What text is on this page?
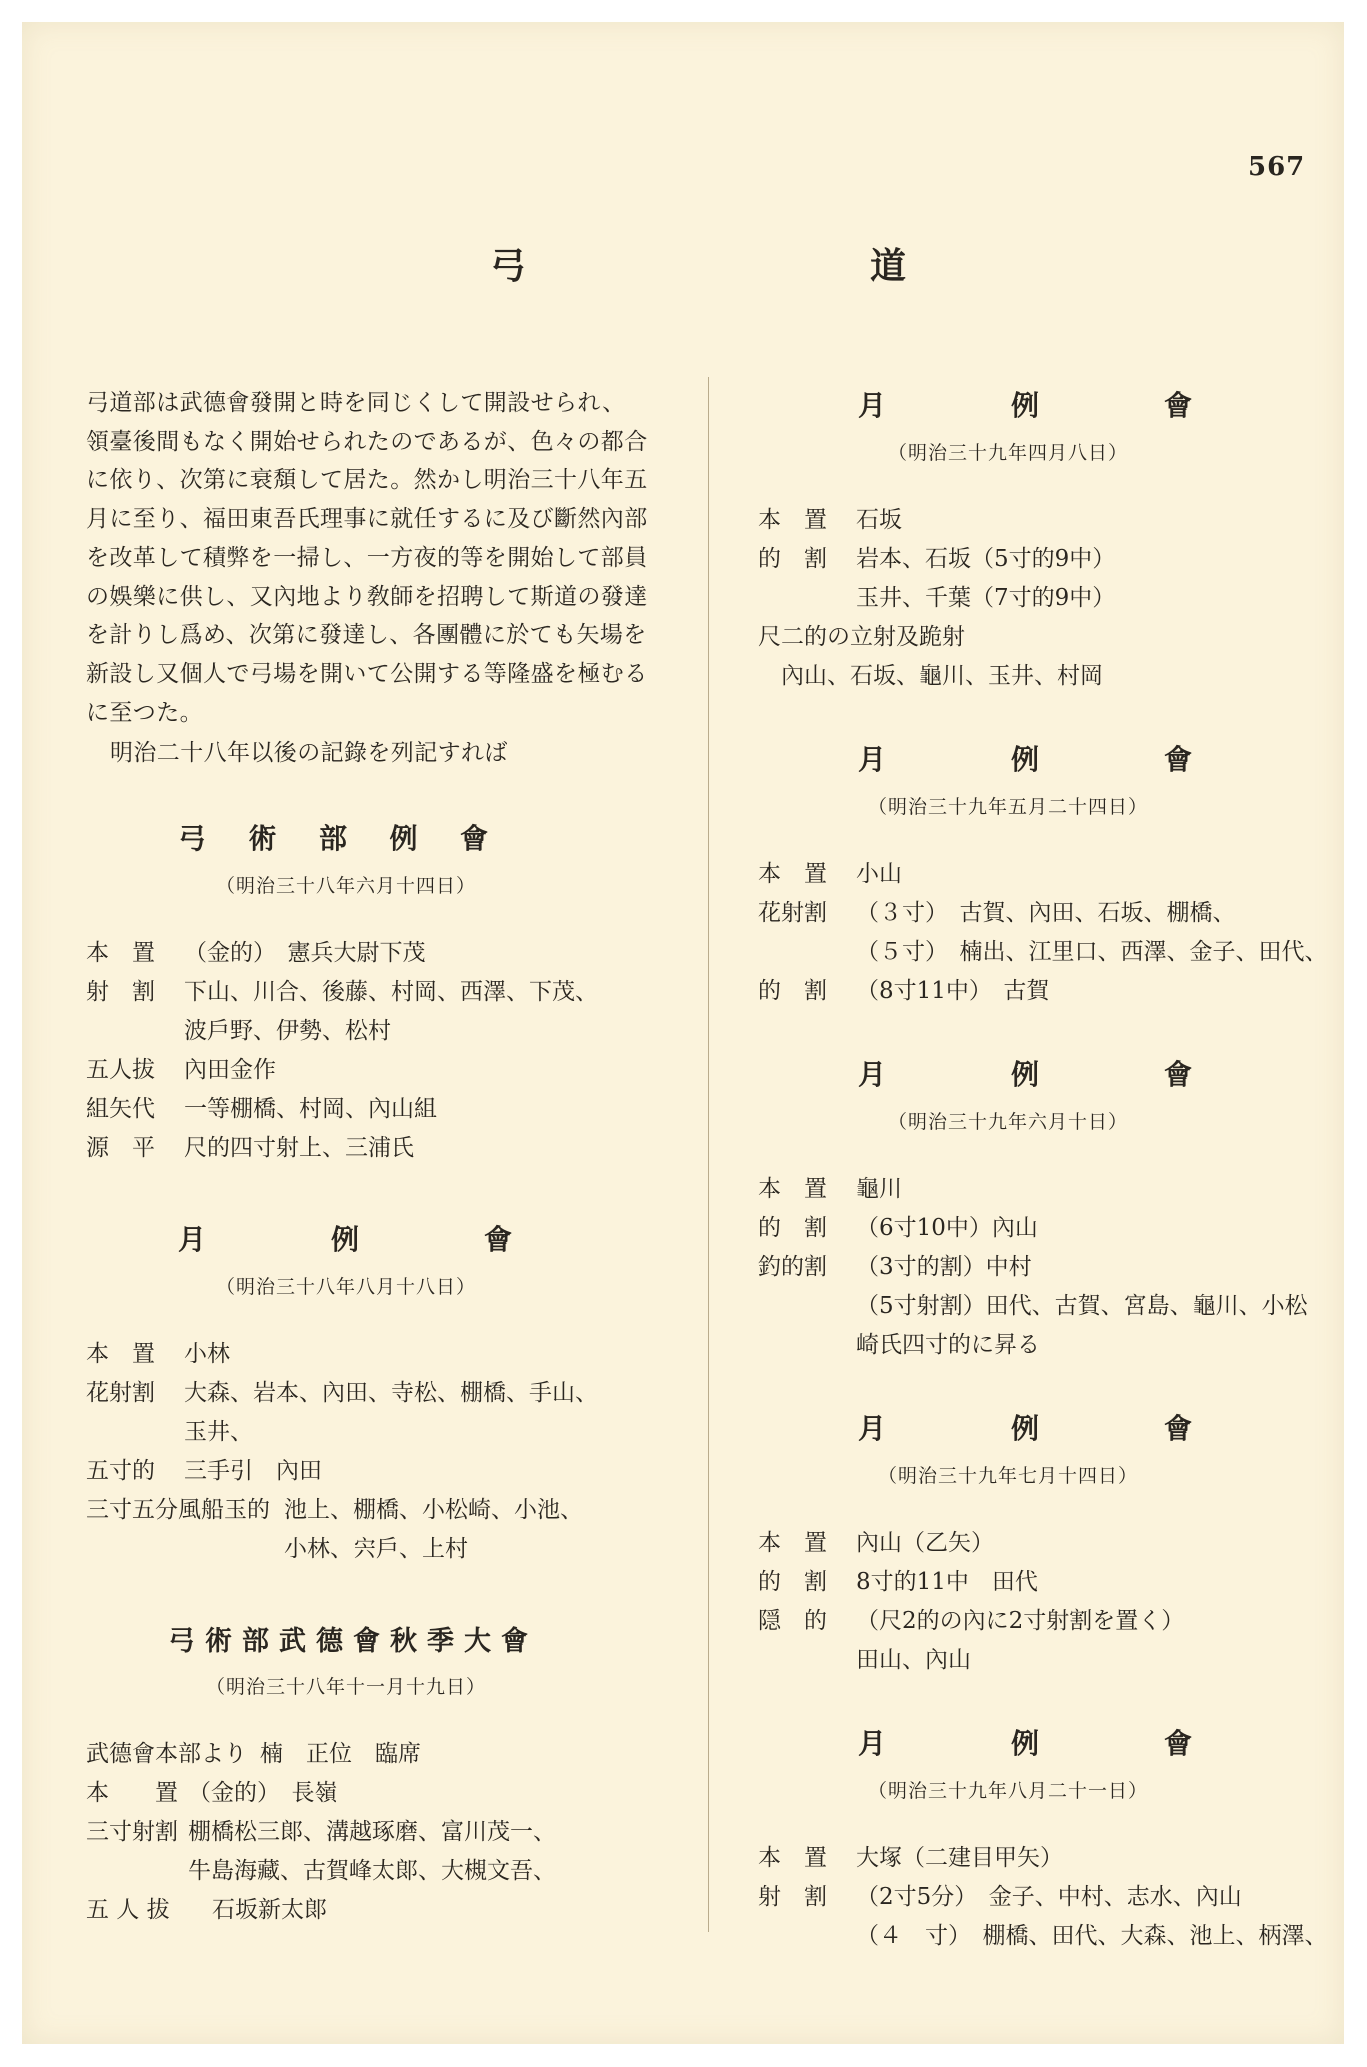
567
弓	道

弓道部は武德會發開と時を同じくして開設せられ、

領臺後間もなく開始せられたのであるが、色々の都合

に依り、次第に衰頽して居た。然かし明治三十八年五

月に至り、福田東吾氏理事に就任するに及び斷然內部

を改革して積弊を一掃し、一方夜的等を開始して部員

の娛樂に供し、又內地より敎師を招聘して斯道の發達

を計りし爲め、次第に發達し、各團體に於ても矢場を

新設し又個人で弓場を開いて公開する等隆盛を極むる

に至つた。

明治二十八年以後の記錄を列記すれば

弓 術 部 例 會
（明治三十八年六月十四日）
本　置	（金的）　憲兵大尉下茂
射　割	下山、川合、後藤、村岡、西澤、下茂、
波戶野、伊勢、松村
五人拔	內田金作
組矢代	一等棚橋、村岡、內山組
源　平	尺的四寸射上、三浦氏
月	例	會
（明治三十八年八月十八日）
本　置	小林
花射割	大森、岩本、內田、寺松、棚橋、手山、
玉井、
五寸的	三手引　內田
三寸五分風船玉的 池上、棚橋、小松崎、小池、
小林、宍戶、上村
弓 術 部 武 德 會 秋 季 大 會
（明治三十八年十一月十九日）
武德會本部より 楠　正位　臨席
本　　置 （金的）　長嶺
三寸射割 棚橋松三郞、溝越琢磨、富川茂一、
牛島海藏、古賀峰太郞、大槻文吾、
五 人 拔	石坂新太郞
月	例	會
（明治三十九年四月八日）
本　置	石坂
的　割	岩本、石坂（5寸的9中）
玉井、千葉（7寸的9中）
尺二的の立射及跪射
　內山、石坂、龜川、玉井、村岡
月	例	會
（明治三十九年五月二十四日）
本　置	小山
花射割	（３寸）　古賀、內田、石坂、棚橋、
（５寸）　楠出、江里口、西澤、金子、田代、
的　割	（8寸11中）　古賀
月	例	會
（明治三十九年六月十日）
本　置	龜川
的　割	（6寸10中）內山
釣的割	（3寸的割）中村
（5寸射割）田代、古賀、宮島、龜川、小松
崎氏四寸的に昇る
月	例	會
（明治三十九年七月十四日）
本　置	內山（乙矢）
的　割	8寸的11中　田代
隠　的	（尺2的の內に2寸射割を置く）
田山、內山
月	例	會
（明治三十九年八月二十一日）
本　置	大塚（二建目甲矢）
射　割	（2寸5分）　金子、中村、志水、內山
（４　寸）　棚橋、田代、大森、池上、柄澤、
